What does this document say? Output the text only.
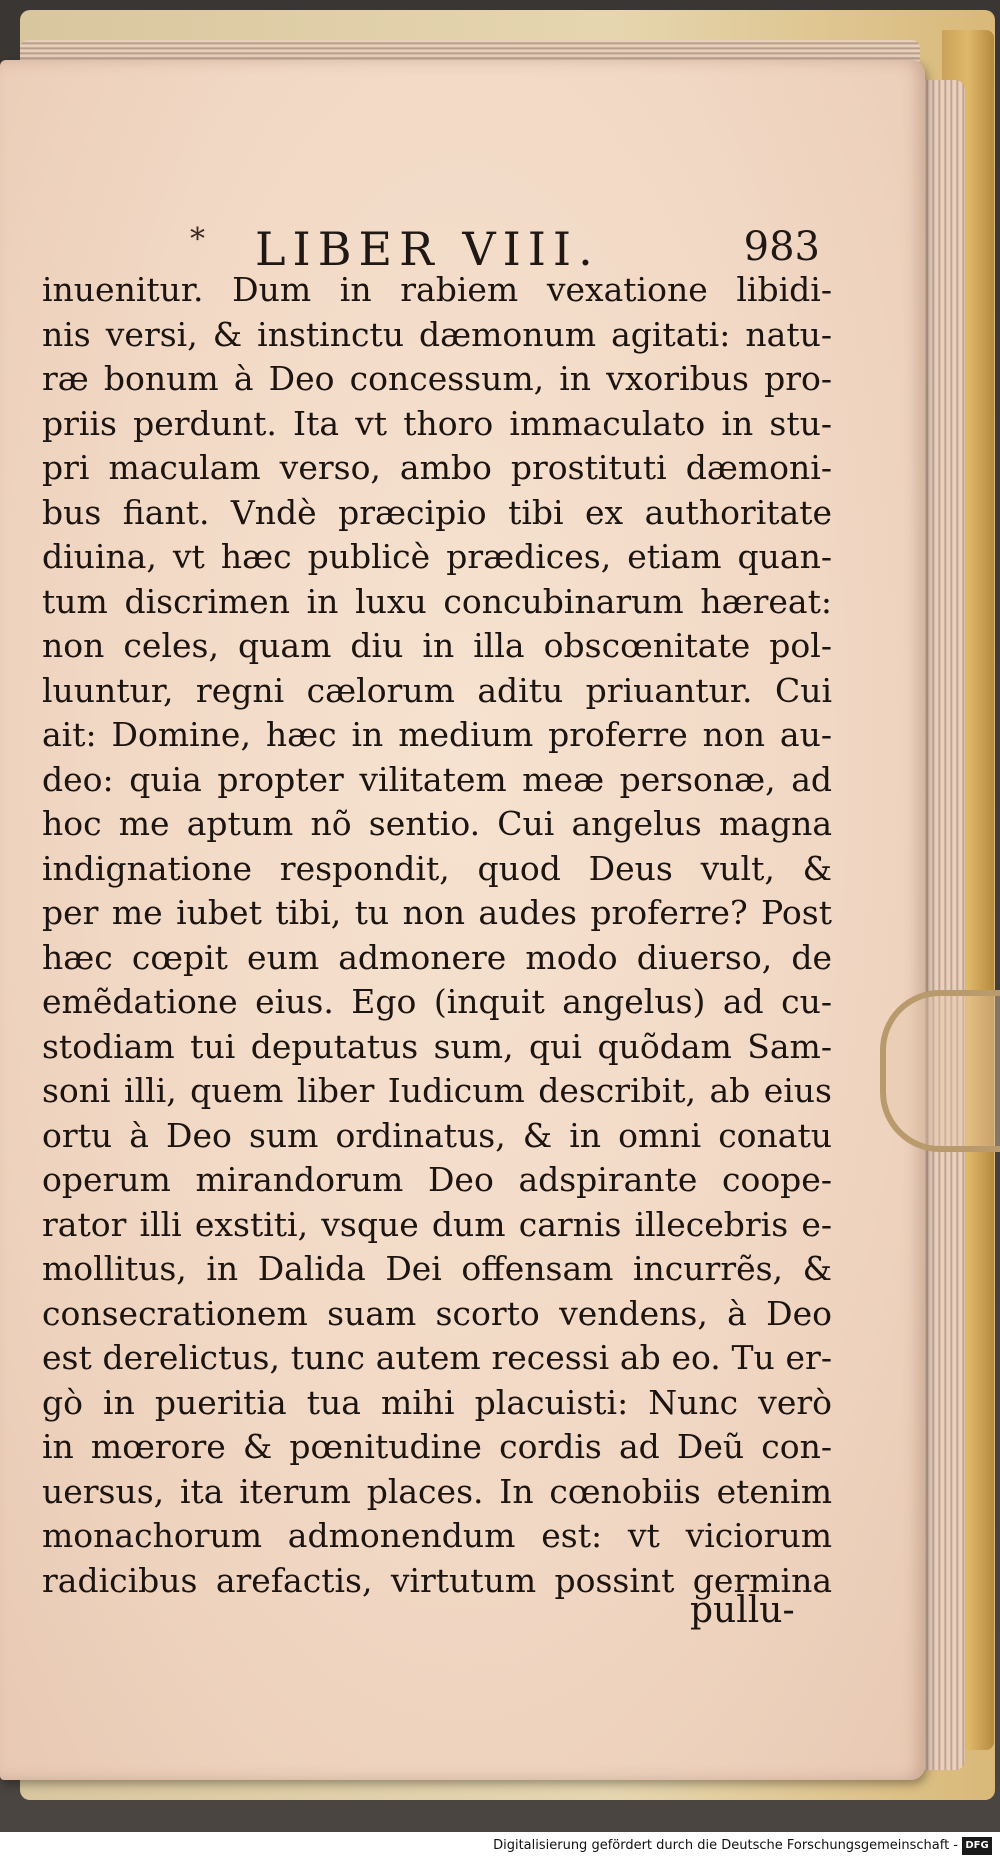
* LIBER VIII.	983
inuenitur. Dum in rabiem vexatione libidi-
nis versi, & instinctu dæmonum agitati: natu-
ræ bonum à Deo concessum, in vxoribus pro-
priis perdunt. Ita vt thoro immaculato in stu-
pri maculam verso, ambo prostituti dæmoni-
bus fiant. Vndè præcipio tibi ex authoritate
diuina, vt hæc publicè prædices, etiam quan-
tum discrimen in luxu concubinarum hæreat:
non celes, quam diu in illa obscœnitate pol-
luuntur, regni cælorum aditu priuantur. Cui
ait: Domine, hæc in medium proferre non au-
deo: quia propter vilitatem meæ personæ, ad
hoc me aptum nõ sentio. Cui angelus magna
indignatione respondit, quod Deus vult, &
per me iubet tibi, tu non audes proferre? Post
hæc cœpit eum admonere modo diuerso, de
emẽdatione eius. Ego (inquit angelus) ad cu-
stodiam tui deputatus sum, qui quõdam Sam-
soni illi, quem liber Iudicum describit, ab eius
ortu à Deo sum ordinatus, & in omni conatu
operum mirandorum Deo adspirante coope-
rator illi exstiti, vsque dum carnis illecebris e-
mollitus, in Dalida Dei offensam incurrẽs, &
consecrationem suam scorto vendens, à Deo
est derelictus, tunc autem recessi ab eo. Tu er-
gò in pueritia tua mihi placuisti: Nunc verò
in mœrore & pœnitudine cordis ad Deũ con-
uersus, ita iterum places. In cœnobiis etenim
monachorum admonendum est: vt viciorum
radicibus arefactis, virtutum possint germina
pullu-
Digitalisierung gefördert durch die Deutsche Forschungsgemeinschaft - DFG
